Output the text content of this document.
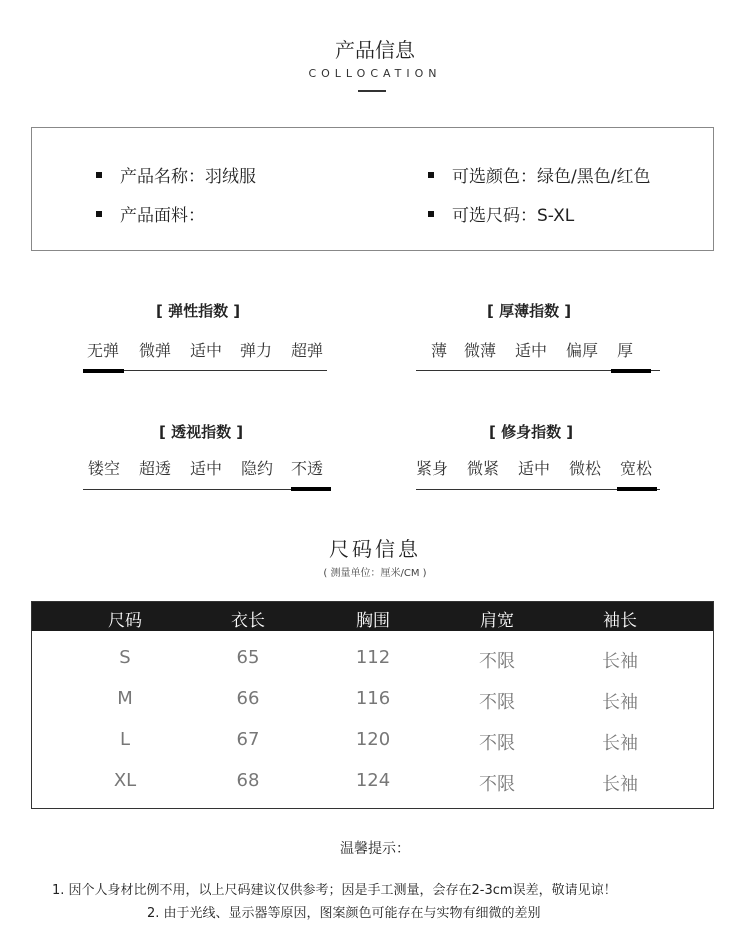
产品信息
COLLOCATION
产品名称：羽绒服	可选颜色：绿色/黑色/红色
产品面料：	可选尺码：S-XL
[ 弹性指数 ]
无弹 微弹 适中 弹力 超弹
[ 厚薄指数 ]
薄 微薄 适中 偏厚 厚
[ 透视指数 ]
镂空 超透 适中 隐约 不透
[ 修身指数 ]
紧身 微紧 适中 微松 宽松
尺码信息
( 测量单位：厘米/CM )
尺码	衣长	胸围	肩宽	袖长
S	65	112	不限	长袖
M	66	116	不限	长袖
L	67	120	不限	长袖
XL	68	124	不限	长袖
温馨提示：
1. 因个人身材比例不用，以上尺码建议仅供参考；因是手工测量，会存在2-3cm误差，敬请见谅！
2. 由于光线、显示器等原因，图案颜色可能存在与实物有细微的差别
